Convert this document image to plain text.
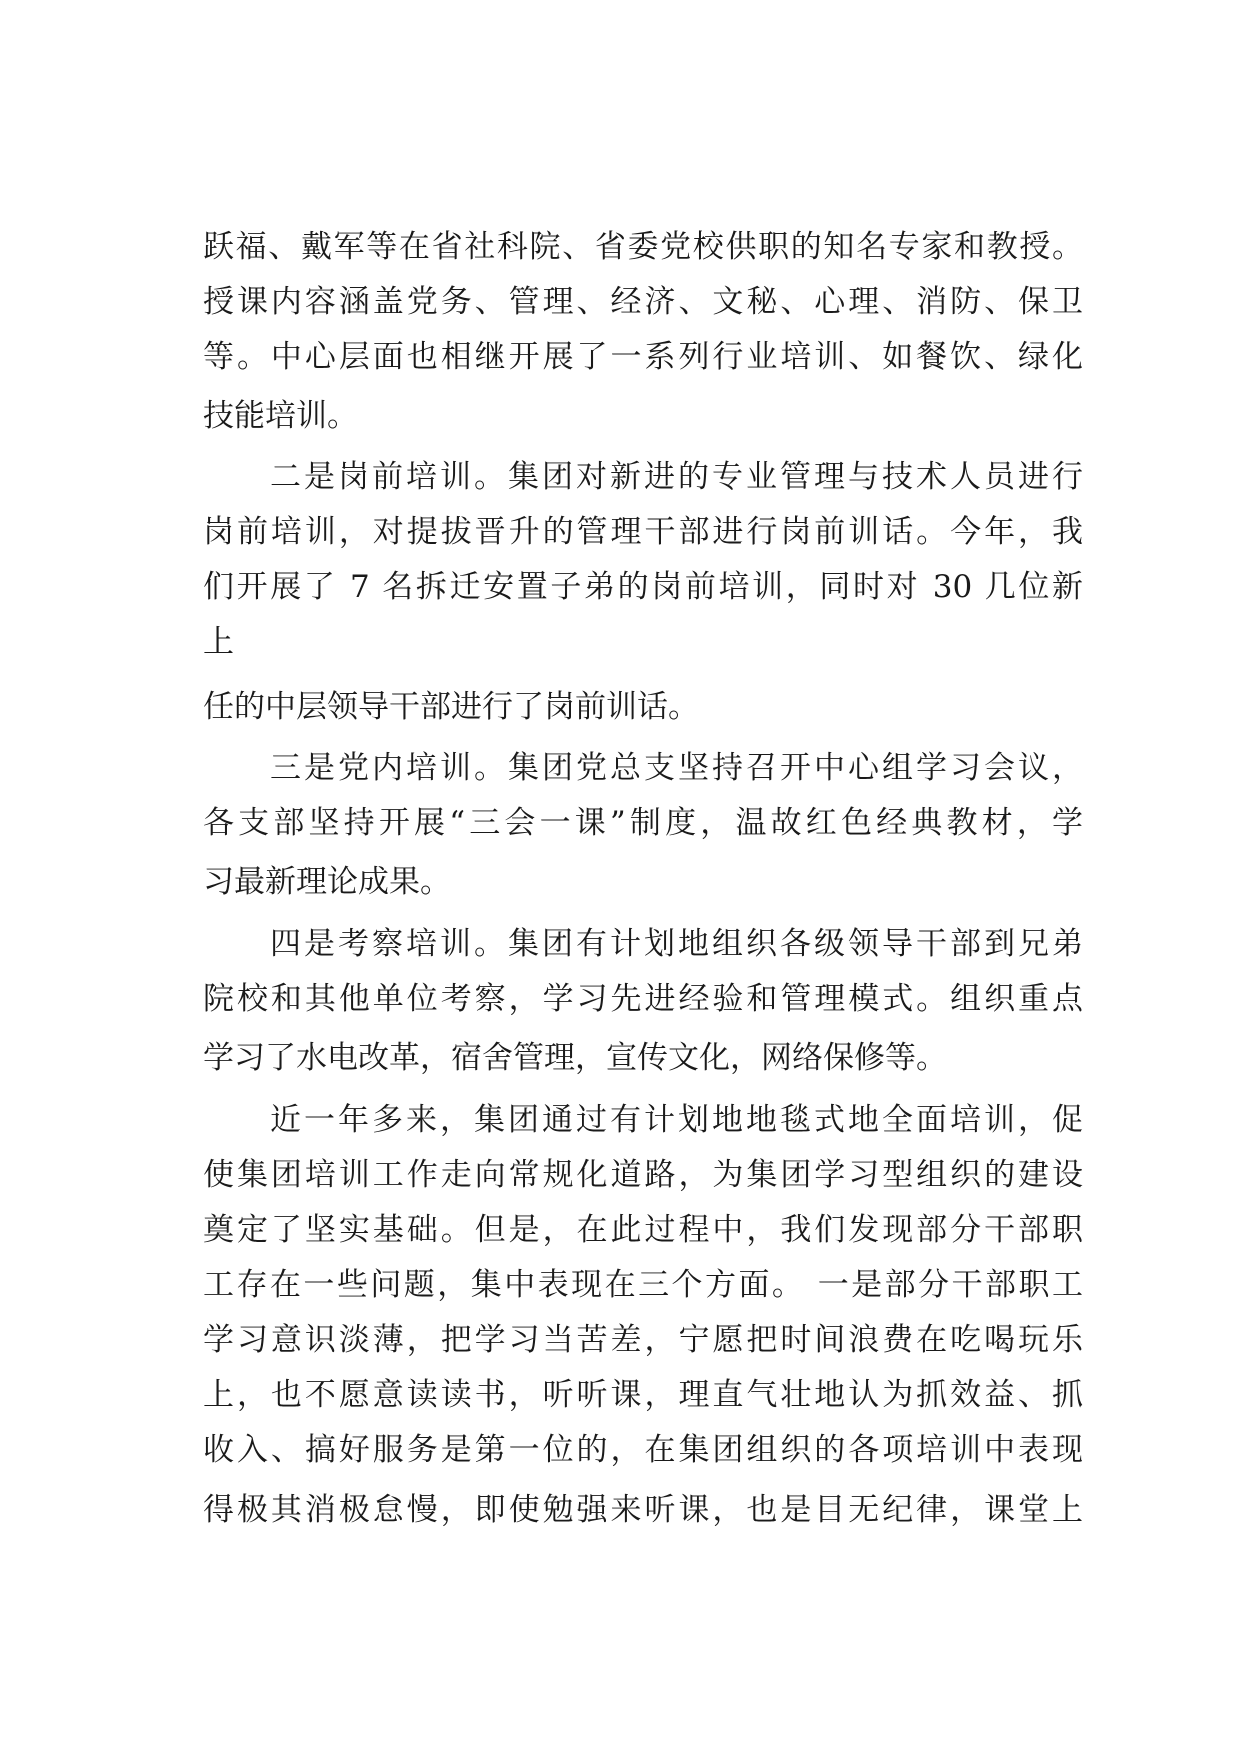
跃福、戴军等在省社科院、省委党校供职的知名专家和教授。
授课内容涵盖党务、管理、经济、文秘、心理、消防、保卫
等。中心层面也相继开展了一系列行业培训、如餐饮、绿化
技能培训。
二是岗前培训。集团对新进的专业管理与技术人员进行
岗前培训，对提拔晋升的管理干部进行岗前训话。今年，我
们开展了 7 名拆迁安置子弟的岗前培训，同时对 30 几位新
上
任的中层领导干部进行了岗前训话。
三是党内培训。集团党总支坚持召开中心组学习会议，
各支部坚持开展“三会一课”制度，温故红色经典教材，学
习最新理论成果。
四是考察培训。集团有计划地组织各级领导干部到兄弟
院校和其他单位考察，学习先进经验和管理模式。组织重点
学习了水电改革，宿舍管理，宣传文化，网络保修等。
近一年多来，集团通过有计划地地毯式地全面培训，促
使集团培训工作走向常规化道路，为集团学习型组织的建设
奠定了坚实基础。但是，在此过程中，我们发现部分干部职
工存在一些问题，集中表现在三个方面。 一是部分干部职工
学习意识淡薄，把学习当苦差，宁愿把时间浪费在吃喝玩乐
上，也不愿意读读书，听听课，理直气壮地认为抓效益、抓
收入、搞好服务是第一位的，在集团组织的各项培训中表现
得极其消极怠慢，即使勉强来听课，也是目无纪律，课堂上
